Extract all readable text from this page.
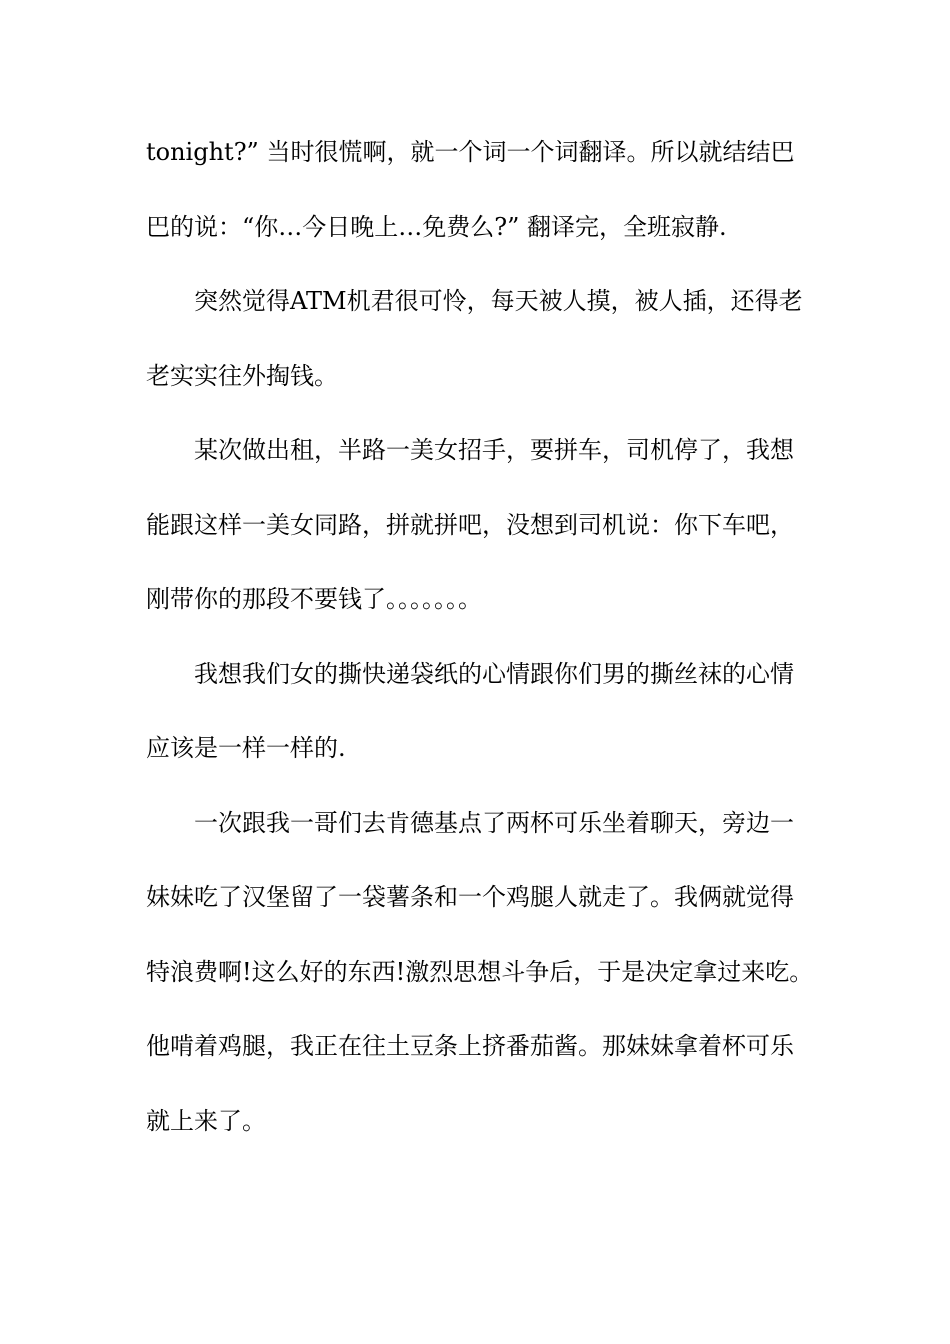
tonight?” 当时很慌啊，就一个词一个词翻译。所以就结结巴
巴的说：“你…今日晚上…免费么?” 翻译完，全班寂静.
突然觉得ATM机君很可怜，每天被人摸，被人插，还得老
老实实往外掏钱。
某次做出租，半路一美女招手，要拼车，司机停了，我想
能跟这样一美女同路，拼就拼吧，没想到司机说：你下车吧，
刚带你的那段不要钱了。。。。。。。
我想我们女的撕快递袋纸的心情跟你们男的撕丝袜的心情
应该是一样一样的.
一次跟我一哥们去肯德基点了两杯可乐坐着聊天，旁边一
妹妹吃了汉堡留了一袋薯条和一个鸡腿人就走了。我俩就觉得
特浪费啊!这么好的东西!激烈思想斗争后，于是决定拿过来吃。
他啃着鸡腿，我正在往土豆条上挤番茄酱。那妹妹拿着杯可乐
就上来了。
